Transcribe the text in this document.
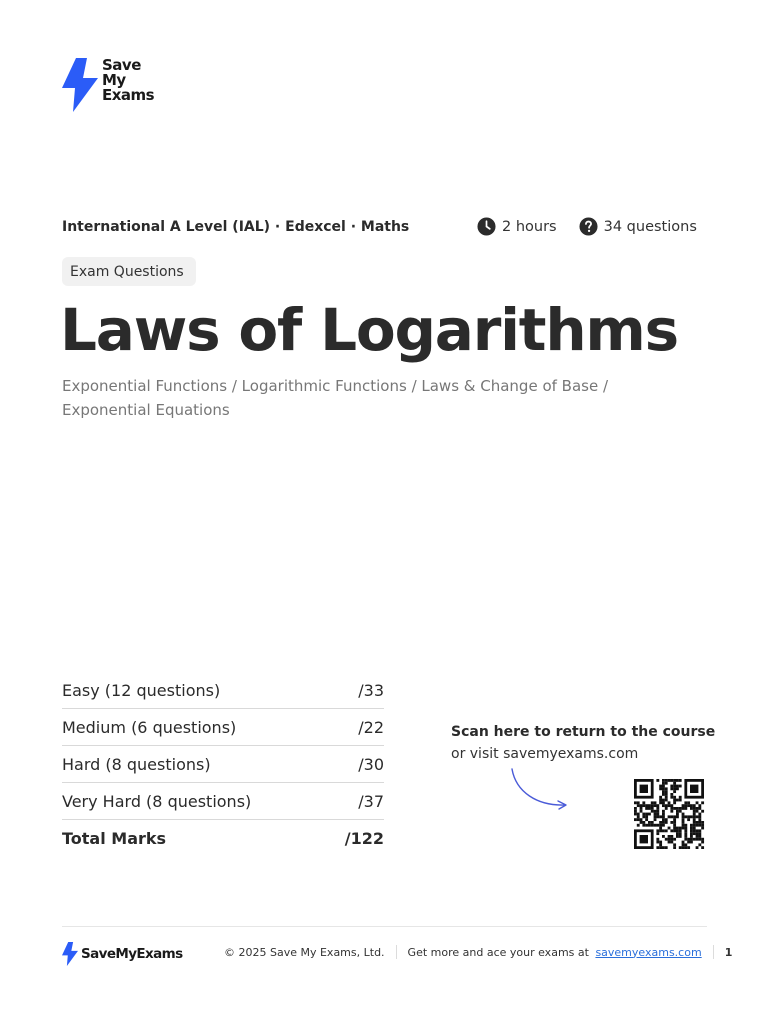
Save
My
Exams
International A Level (IAL) · Edexcel · Maths	2 hours	34 questions
Exam Questions
Laws of Logarithms
Exponential Functions / Logarithmic Functions / Laws & Change of Base / Exponential Equations
Easy (12 questions)	/33
Medium (6 questions)	/22
Hard (8 questions)	/30
Very Hard (8 questions)	/37
Total Marks	/122
Scan here to return to the course
or visit savemyexams.com
SaveMyExams	© 2025 Save My Exams, Ltd. Get more and ace your exams at savemyexams.com 1
